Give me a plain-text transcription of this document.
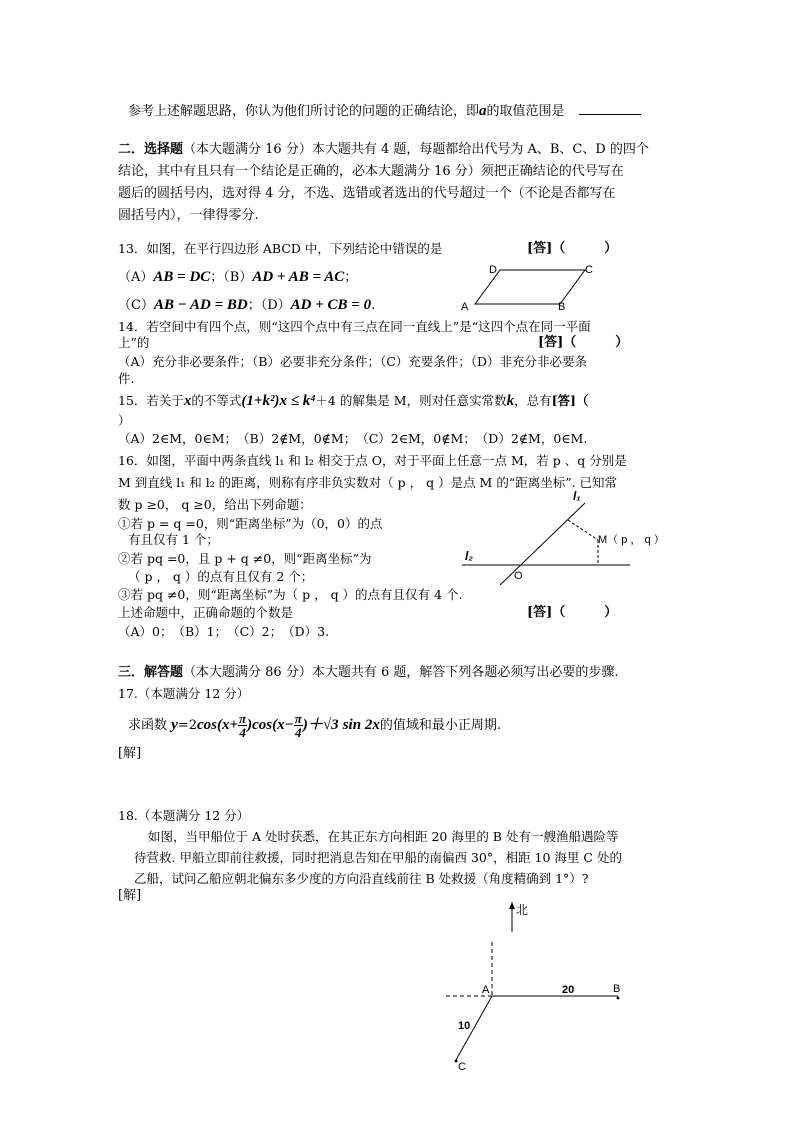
参考上述解题思路，你认为他们所讨论的问题的正确结论，即a的取值范围是
二．选择题（本大题满分 16 分）本大题共有 4 题，每题都给出代号为 A、B、C、D 的四个
结论，其中有且只有一个结论是正确的，必本大题满分 16 分）须把正确结论的代号写在
题后的圆括号内，选对得 4 分，不选、选错或者选出的代号超过一个（不论是否都写在
圆括号内），一律得零分.
13．如图，在平行四边形 ABCD 中，下列结论中错误的是	[答]（　　　）
（A）AB = DC；（B）AD + AB = AC；
（C）AB − AD = BD；（D）AD + CB = 0.	A
D	C
B
14．若空间中有四个点，则“这四个点中有三点在同一直线上”是“这四个点在同一平面
上”的	[答]（　　　）
（A）充分非必要条件；（B）必要非充分条件；（C）充要条件；（D）非充分非必要条
件.
15．若关于x的不等式(1+k²)x ≤ k⁴＋4 的解集是 M，则对任意实常数k，总有[答]（
）
（A）2∈M，0∈M；　（B）2∉M，0∉M；　（C）2∈M，0∉M；　（D）2∉M，0∈M.
16．如图，平面中两条直线 l₁ 和 l₂ 相交于点 O，对于平面上任意一点 M，若 p 、q 分别是
M 到直线 l₁ 和 l₂ 的距离，则称有序非负实数对（ p ， q ）是点 M 的“距离坐标”. 已知常
数 p ≥0， q ≥0，给出下列命题：
①若 p = q =0，则“距离坐标”为（0，0）的点
有且仅有 1 个；
②若 pq =0，且 p + q ≠0，则“距离坐标”为
（ p ， q ）的点有且仅有 2 个；
③若 pq ≠0，则“距离坐标”为（ p ， q ）的点有且仅有 4 个.
上述命题中，正确命题的个数是	[答]（　　　）
（A）0；　（B）1；　（C）2；　（D）3.
l₁
l₂
O
M（ p ， q ）
三．解答题（本大题满分 86 分）本大题共有 6 题，解答下列各题必须写出必要的步骤.
17.（本题满分 12 分）
求函数 $y=2\cos(x+ \frac{\pi}{4} )\cos(x- \frac{\pi}{4} )+√3$ sin 2x的值域和最小正周期.
[解]
18.（本题满分 12 分）
如图，当甲船位于 A 处时获悉，在其正东方向相距 20 海里的 B 处有一艘渔船遇险等
待营救. 甲船立即前往救援，同时把消息告知在甲船的南偏西 30°，相距 10 海里 C 处的
乙船，试问乙船应朝北偏东多少度的方向沿直线前往 B 处救援（角度精确到 1°）?
[解]
北
A	B
C
20
10
